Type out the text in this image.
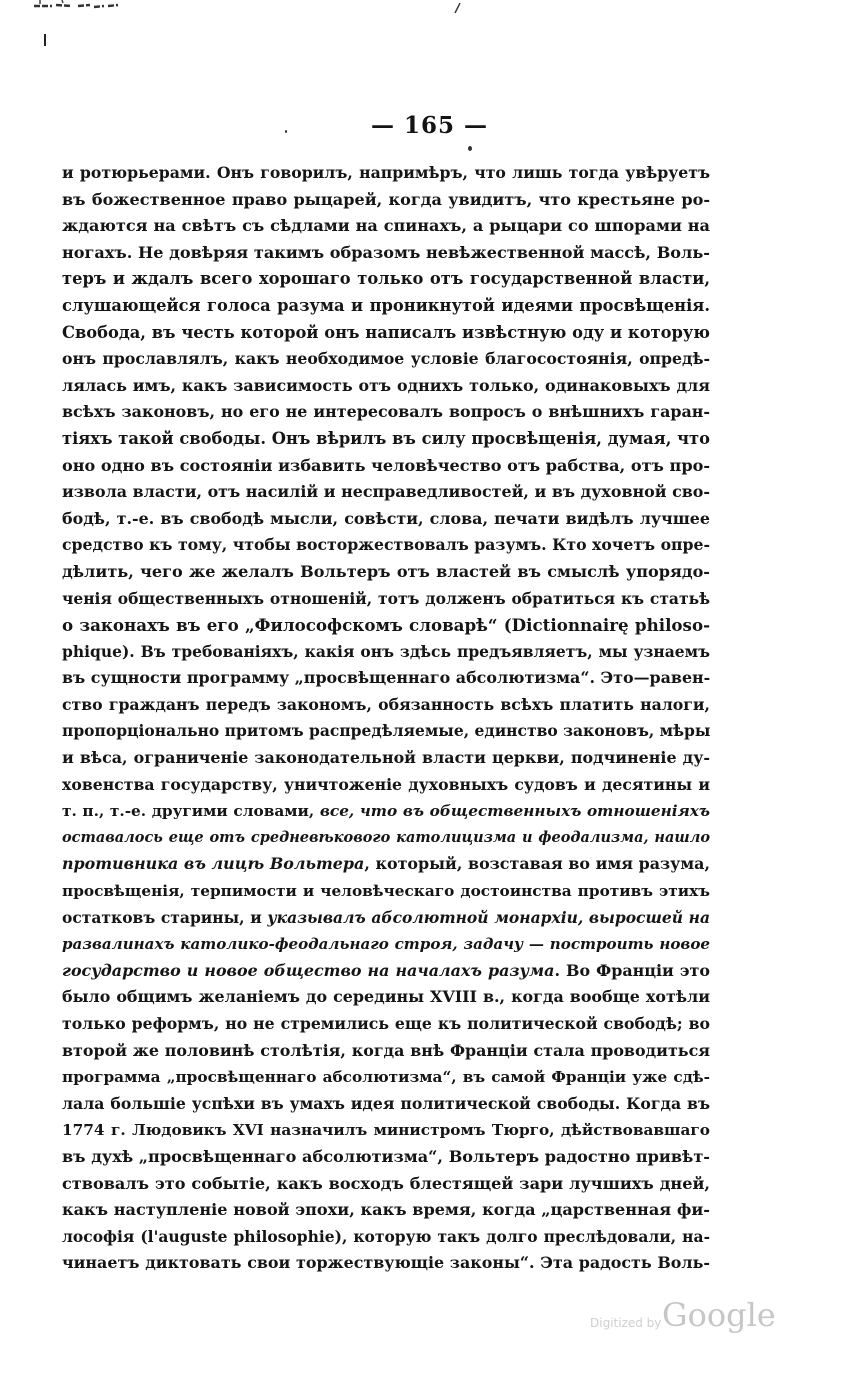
— 165 —
и ротюрьерами. Онъ говорилъ, напримѣръ, что лишь тогда увѣруетъ
въ божественное право рыцарей, когда увидитъ, что крестьяне ро-
ждаются на свѣтъ съ сѣдлами на спинахъ, а рыцари со шпорами на
ногахъ. Не довѣряя такимъ образомъ невѣжественной массѣ, Воль-
теръ и ждалъ всего хорошаго только отъ государственной власти,
слушающейся голоса разума и проникнутой идеями просвѣщенія.
Свобода, въ честь которой онъ написалъ извѣстную оду и которую
онъ прославлялъ, какъ необходимое условіе благосостоянія, опредѣ-
лялась имъ, какъ зависимость отъ однихъ только, одинаковыхъ для
всѣхъ законовъ, но его не интересовалъ вопросъ о внѣшнихъ гаран-
тіяхъ такой свободы. Онъ вѣрилъ въ силу просвѣщенія, думая, что
оно одно въ состояніи избавить человѣчество отъ рабства, отъ про-
извола власти, отъ насилій и несправедливостей, и въ духовной сво-
бодѣ, т.-е. въ свободѣ мысли, совѣсти, слова, печати видѣлъ лучшее
средство къ тому, чтобы восторжествовалъ разумъ. Кто хочетъ опре-
дѣлить, чего же желалъ Вольтеръ отъ властей въ смыслѣ упорядо-
ченія общественныхъ отношеній, тотъ долженъ обратиться къ статьѣ
о законахъ въ его „Философскомъ словарѣ“ (Dictionnairę philoso-
phique). Въ требованіяхъ, какія онъ здѣсь предъявляетъ, мы узнаемъ
въ сущности программу „просвѣщеннаго абсолютизма“. Это—равен-
ство гражданъ передъ закономъ, обязанность всѣхъ платить налоги,
пропорціонально притомъ распредѣляемые, единство законовъ, мѣры
и вѣса, ограниченіе законодательной власти церкви, подчиненіе ду-
ховенства государству, уничтоженіе духовныхъ судовъ и десятины и
т. п., т.-е. другими словами, все, что въ общественныхъ отношеніяхъ
оставалось еще отъ средневѣкового католицизма и феодализма, нашло
противника въ лицѣ Вольтера, который, возставая во имя разума,
просвѣщенія, терпимости и человѣческаго достоинства противъ этихъ
остатковъ старины, и указывалъ абсолютной монархіи, выросшей на
развалинахъ католико-феодальнаго строя, задачу — построить новое
государство и новое общество на началахъ разума. Во Франціи это
было общимъ желаніемъ до середины XVIII в., когда вообще хотѣли
только реформъ, но не стремились еще къ политической свободѣ; во
второй же половинѣ столѣтія, когда внѣ Франціи стала проводиться
программа „просвѣщеннаго абсолютизма“, въ самой Франціи уже сдѣ-
лала большіе успѣхи въ умахъ идея политической свободы. Когда въ
1774 г. Людовикъ XVI назначилъ министромъ Тюрго, дѣйствовавшаго
въ духѣ „просвѣщеннаго абсолютизма“, Вольтеръ радостно привѣт-
ствовалъ это событіе, какъ восходъ блестящей зари лучшихъ дней,
какъ наступленіе новой эпохи, какъ время, когда „царственная фи-
лософія (l'auguste philosophie), которую такъ долго преслѣдовали, на-
чинаетъ диктовать свои торжествующіе законы“. Эта радость Воль-
Digitized by Google
